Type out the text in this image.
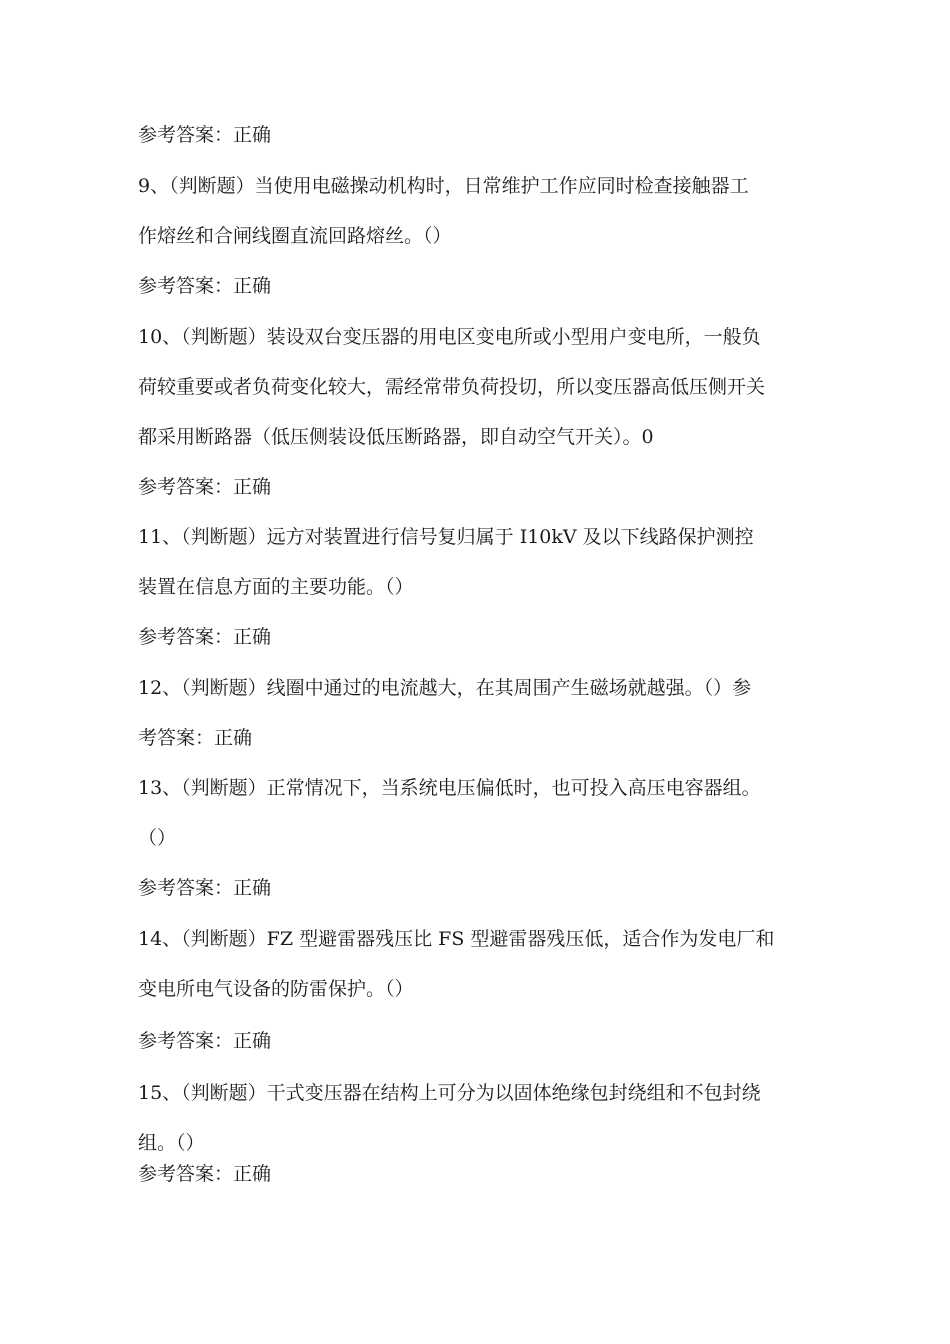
参考答案：正确
9、（判断题）当使用电磁操动机构时，日常维护工作应同时检查接触器工
作熔丝和合闸线圈直流回路熔丝。（）
参考答案：正确
10、（判断题）装设双台变压器的用电区变电所或小型用户变电所，一般负
荷较重要或者负荷变化较大，需经常带负荷投切，所以变压器高低压侧开关
都采用断路器（低压侧装设低压断路器，即自动空气开关）。0
参考答案：正确
11、（判断题）远方对装置进行信号复归属于 I10kV 及以下线路保护测控
装置在信息方面的主要功能。（）
参考答案：正确
12、（判断题）线圈中通过的电流越大，在其周围产生磁场就越强。（）参
考答案：正确
13、（判断题）正常情况下，当系统电压偏低时，也可投入高压电容器组。
（）
参考答案：正确
14、（判断题）FZ 型避雷器残压比 FS 型避雷器残压低，适合作为发电厂和
变电所电气设备的防雷保护。（）
参考答案：正确
15、（判断题）干式变压器在结构上可分为以固体绝缘包封绕组和不包封绕
组。（）
参考答案：正确
